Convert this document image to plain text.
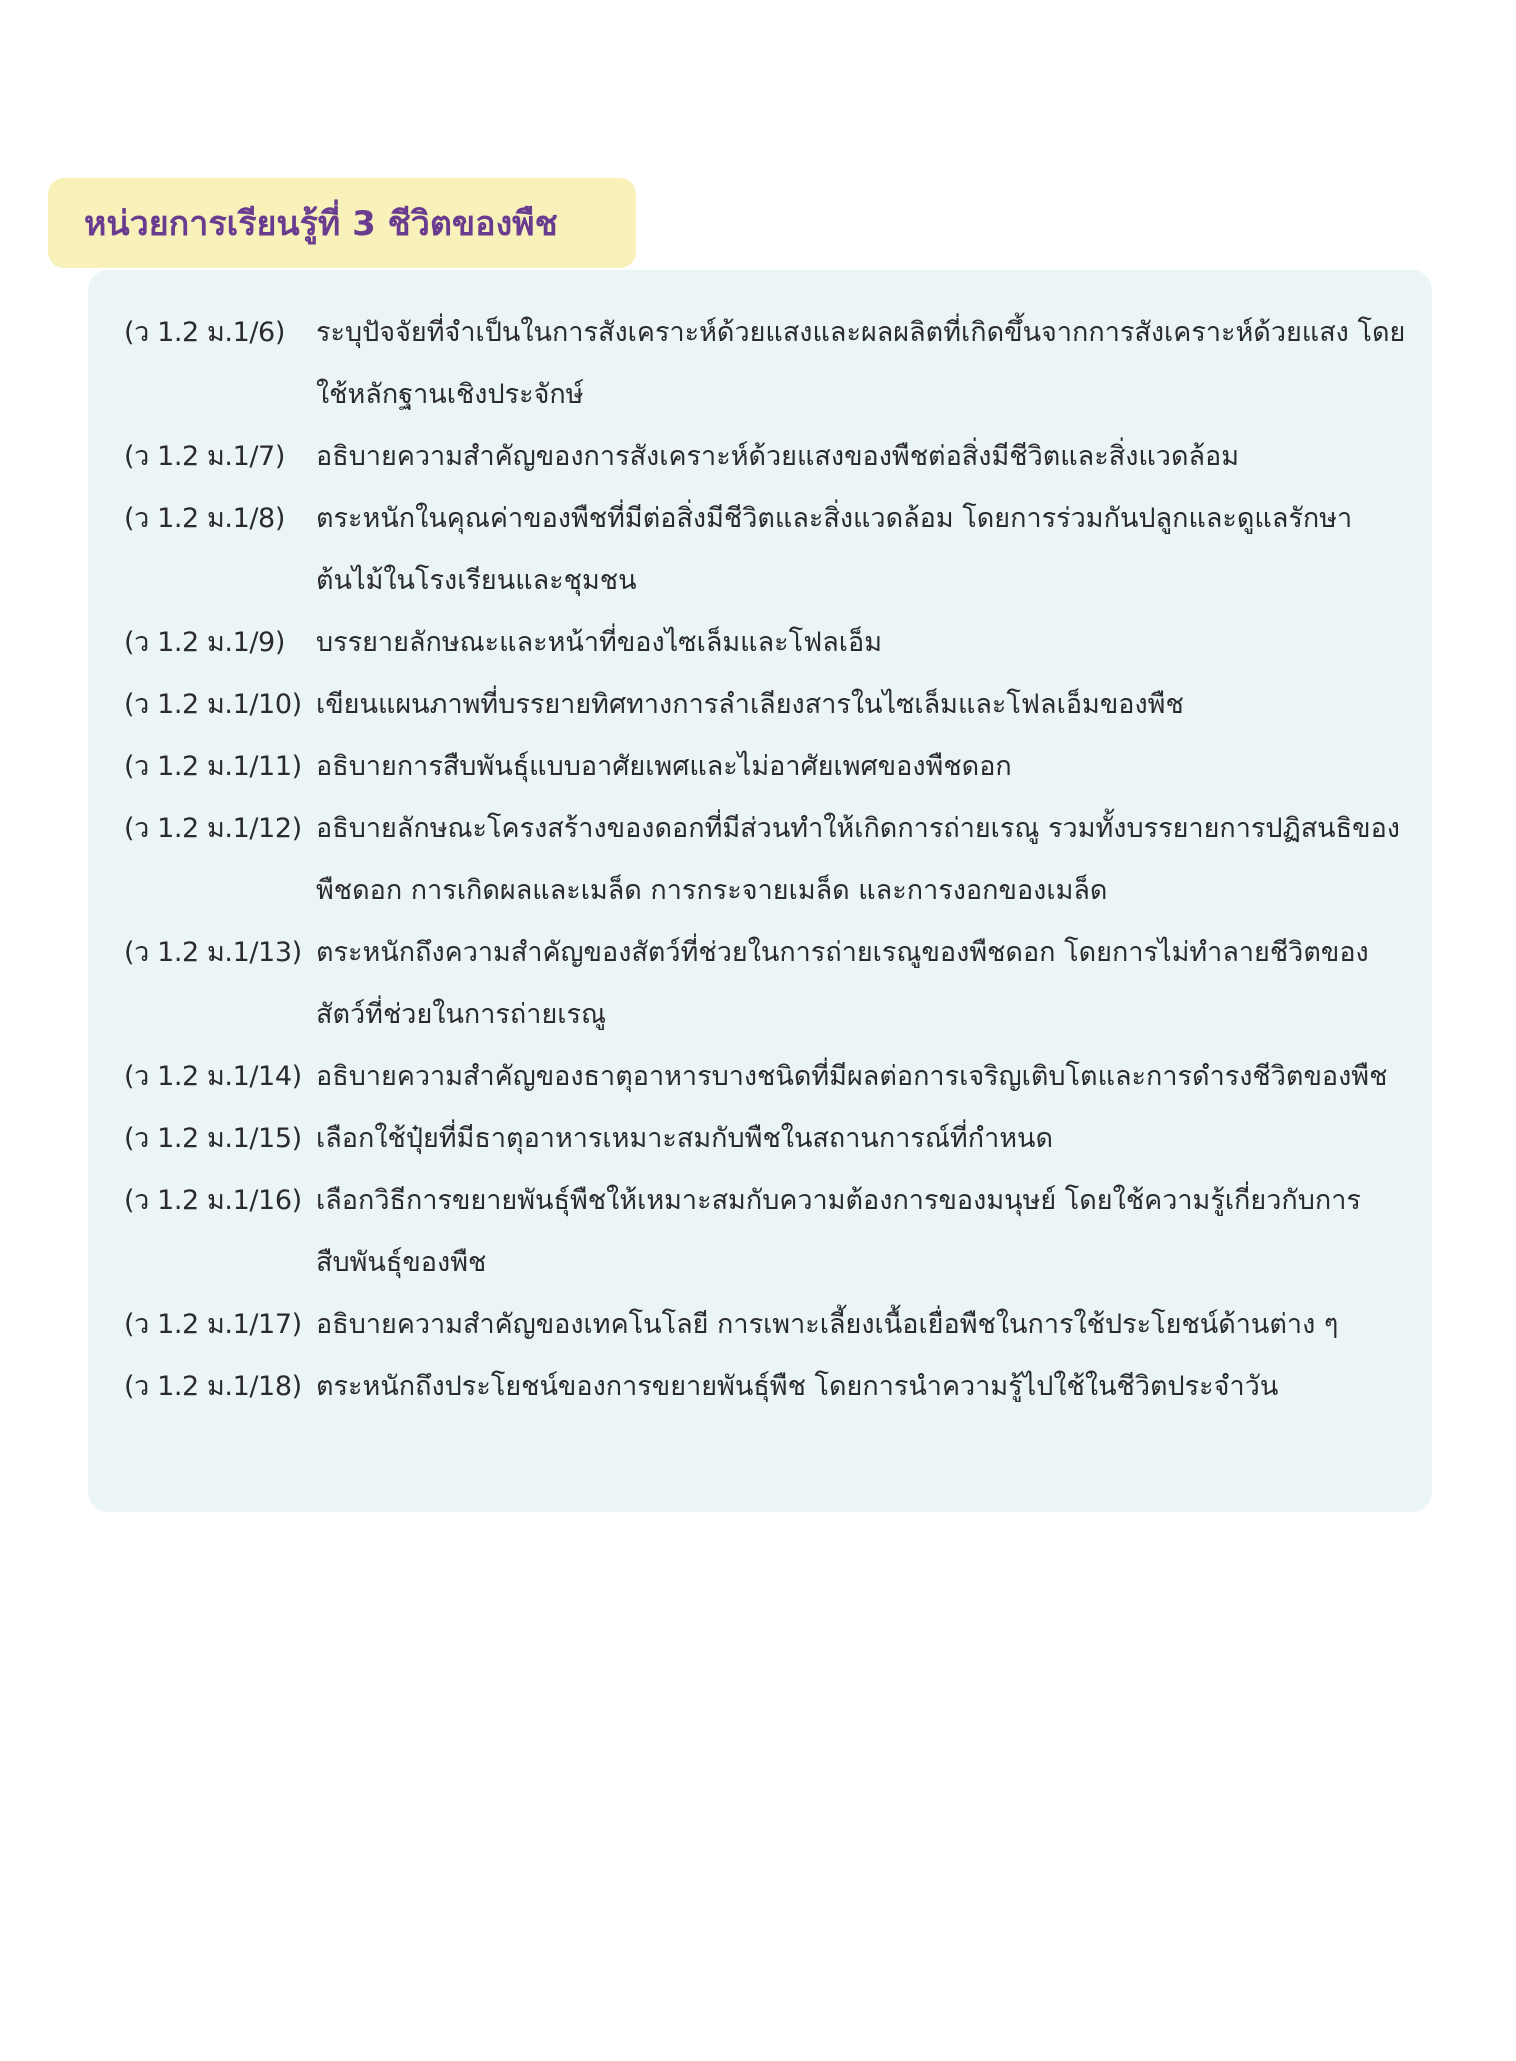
หน่วยการเรียนรู้ที่ 3 ชีวิตของพืช
(ว 1.2 ม.1/6)	ระบุปัจจัยที่จำเป็นในการสังเคราะห์ด้วยแสงและผลผลิตที่เกิดขึ้นจากการสังเคราะห์ด้วยแสง โดยใช้หลักฐานเชิงประจักษ์
(ว 1.2 ม.1/7)	อธิบายความสำคัญของการสังเคราะห์ด้วยแสงของพืชต่อสิ่งมีชีวิตและสิ่งแวดล้อม
(ว 1.2 ม.1/8)	ตระหนักในคุณค่าของพืชที่มีต่อสิ่งมีชีวิตและสิ่งแวดล้อม โดยการร่วมกันปลูกและดูแลรักษาต้นไม้ในโรงเรียนและชุมชน
(ว 1.2 ม.1/9)	บรรยายลักษณะและหน้าที่ของไซเล็มและโฟลเอ็ม
(ว 1.2 ม.1/10) เขียนแผนภาพที่บรรยายทิศทางการลำเลียงสารในไซเล็มและโฟลเอ็มของพืช
(ว 1.2 ม.1/11) อธิบายการสืบพันธุ์แบบอาศัยเพศและไม่อาศัยเพศของพืชดอก
(ว 1.2 ม.1/12) อธิบายลักษณะโครงสร้างของดอกที่มีส่วนทำให้เกิดการถ่ายเรณู รวมทั้งบรรยายการปฏิสนธิของพืชดอก การเกิดผลและเมล็ด การกระจายเมล็ด และการงอกของเมล็ด
(ว 1.2 ม.1/13) ตระหนักถึงความสำคัญของสัตว์ที่ช่วยในการถ่ายเรณูของพืชดอก โดยการไม่ทำลายชีวิตของสัตว์ที่ช่วยในการถ่ายเรณู
(ว 1.2 ม.1/14) อธิบายความสำคัญของธาตุอาหารบางชนิดที่มีผลต่อการเจริญเติบโตและการดำรงชีวิตของพืช
(ว 1.2 ม.1/15) เลือกใช้ปุ๋ยที่มีธาตุอาหารเหมาะสมกับพืชในสถานการณ์ที่กำหนด
(ว 1.2 ม.1/16) เลือกวิธีการขยายพันธุ์พืชให้เหมาะสมกับความต้องการของมนุษย์ โดยใช้ความรู้เกี่ยวกับการสืบพันธุ์ของพืช
(ว 1.2 ม.1/17) อธิบายความสำคัญของเทคโนโลยี การเพาะเลี้ยงเนื้อเยื่อพืชในการใช้ประโยชน์ด้านต่าง ๆ
(ว 1.2 ม.1/18) ตระหนักถึงประโยชน์ของการขยายพันธุ์พืช โดยการนำความรู้ไปใช้ในชีวิตประจำวัน
